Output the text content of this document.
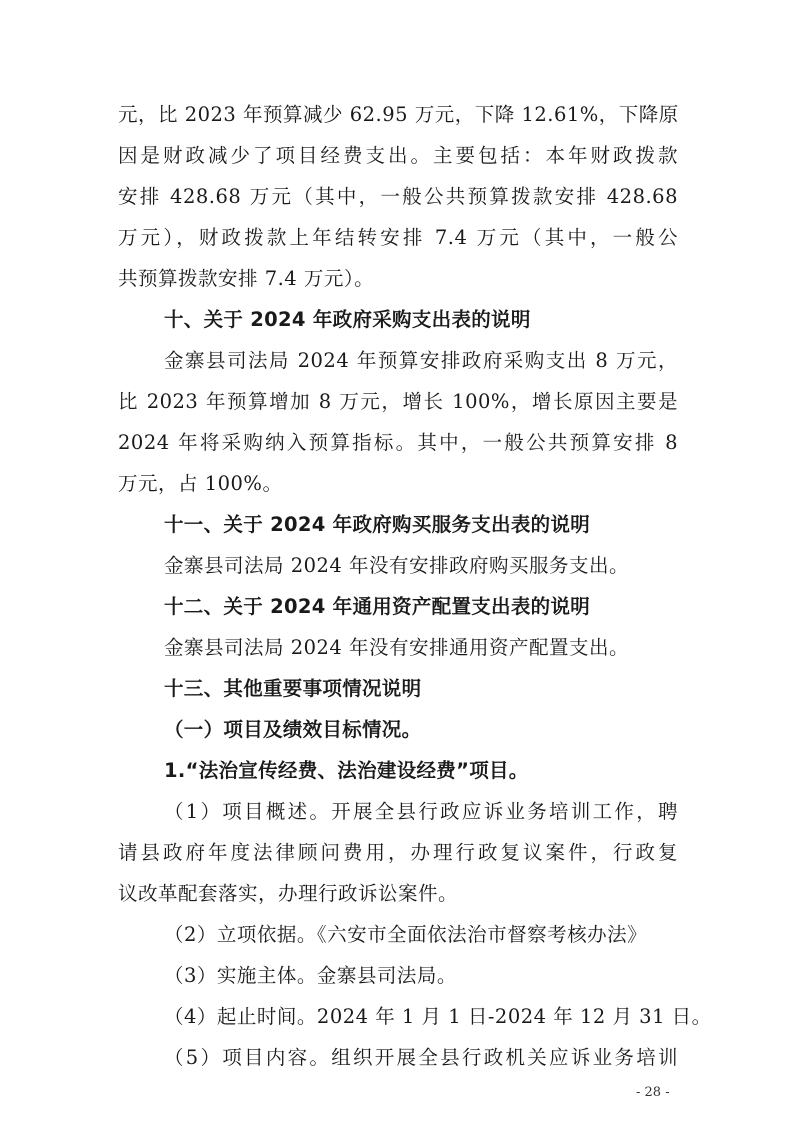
元，比 2023 年预算减少 62.95 万元，下降 12.61%，下降原
因是财政减少了项目经费支出。主要包括：本年财政拨款
安排 428.68 万元（其中，一般公共预算拨款安排 428.68
万元），财政拨款上年结转安排 7.4 万元（其中，一般公
共预算拨款安排 7.4 万元）。
十、关于 2024 年政府采购支出表的说明
金寨县司法局 2024 年预算安排政府采购支出 8 万元，
比 2023 年预算增加 8 万元，增长 100%，增长原因主要是
2024 年将采购纳入预算指标。其中，一般公共预算安排 8
万元，占 100%。
十一、关于 2024 年政府购买服务支出表的说明
金寨县司法局 2024 年没有安排政府购买服务支出。
十二、关于 2024 年通用资产配置支出表的说明
金寨县司法局 2024 年没有安排通用资产配置支出。
十三、其他重要事项情况说明
（一）项目及绩效目标情况。
1.“法治宣传经费、法治建设经费”项目。
（1）项目概述。开展全县行政应诉业务培训工作，聘
请县政府年度法律顾问费用，办理行政复议案件，行政复
议改革配套落实，办理行政诉讼案件。
（2）立项依据。《六安市全面依法治市督察考核办法》
（3）实施主体。金寨县司法局。
（4）起止时间。2024 年 1 月 1 日-2024 年 12 月 31 日。
（5）项目内容。组织开展全县行政机关应诉业务培训
- 28 -
